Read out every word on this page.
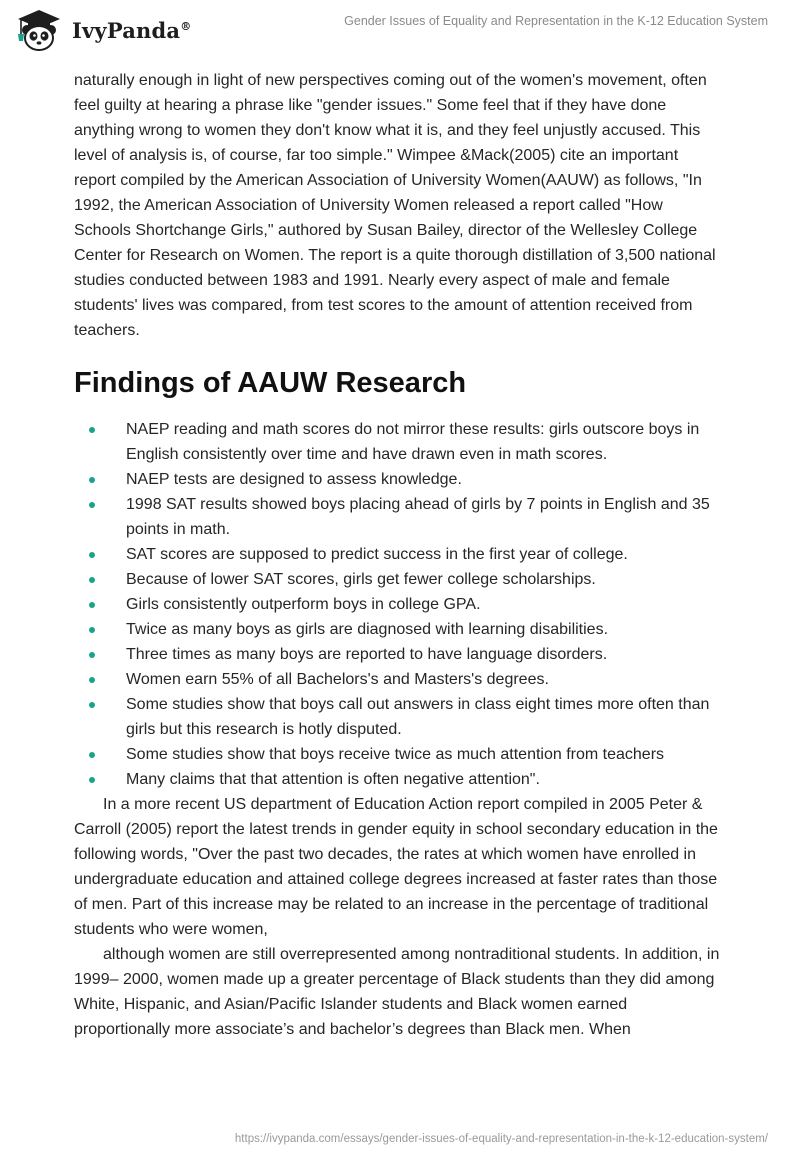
IvyPanda®	Gender Issues of Equality and Representation in the K-12 Education System

naturally enough in light of new perspectives coming out of the women's movement, often feel guilty at hearing a phrase like "gender issues." Some feel that if they have done anything wrong to women they don't know what it is, and they feel unjustly accused. This level of analysis is, of course, far too simple." Wimpee &Mack(2005) cite an important report compiled by the American Association of University Women(AAUW) as follows, "In 1992, the American Association of University Women released a report called "How Schools Shortchange Girls," authored by Susan Bailey, director of the Wellesley College Center for Research on Women. The report is a quite thorough distillation of 3,500 national studies conducted between 1983 and 1991. Nearly every aspect of male and female students' lives was compared, from test scores to the amount of attention received from teachers.

Findings of AAUW Research
NAEP reading and math scores do not mirror these results: girls outscore boys in English consistently over time and have drawn even in math scores.
NAEP tests are designed to assess knowledge.
1998 SAT results showed boys placing ahead of girls by 7 points in English and 35 points in math.
SAT scores are supposed to predict success in the first year of college.
Because of lower SAT scores, girls get fewer college scholarships.
Girls consistently outperform boys in college GPA.
Twice as many boys as girls are diagnosed with learning disabilities.
Three times as many boys are reported to have language disorders.
Women earn 55% of all Bachelors's and Masters's degrees.
Some studies show that boys call out answers in class eight times more often than girls but this research is hotly disputed.
Some studies show that boys receive twice as much attention from teachers
Many claims that that attention is often negative attention".

In a more recent US department of Education Action report compiled in 2005 Peter & Carroll (2005) report the latest trends in gender equity in school secondary education in the following words, "Over the past two decades, the rates at which women have enrolled in undergraduate education and attained college degrees increased at faster rates than those of men. Part of this increase may be related to an increase in the percentage of traditional students who were women,

although women are still overrepresented among nontraditional students. In addition, in 1999– 2000, women made up a greater percentage of Black students than they did among White, Hispanic, and Asian/Pacific Islander students and Black women earned proportionally more associate’s and bachelor’s degrees than Black men. When

https://ivypanda.com/essays/gender-issues-of-equality-and-representation-in-the-k-12-education-system/
